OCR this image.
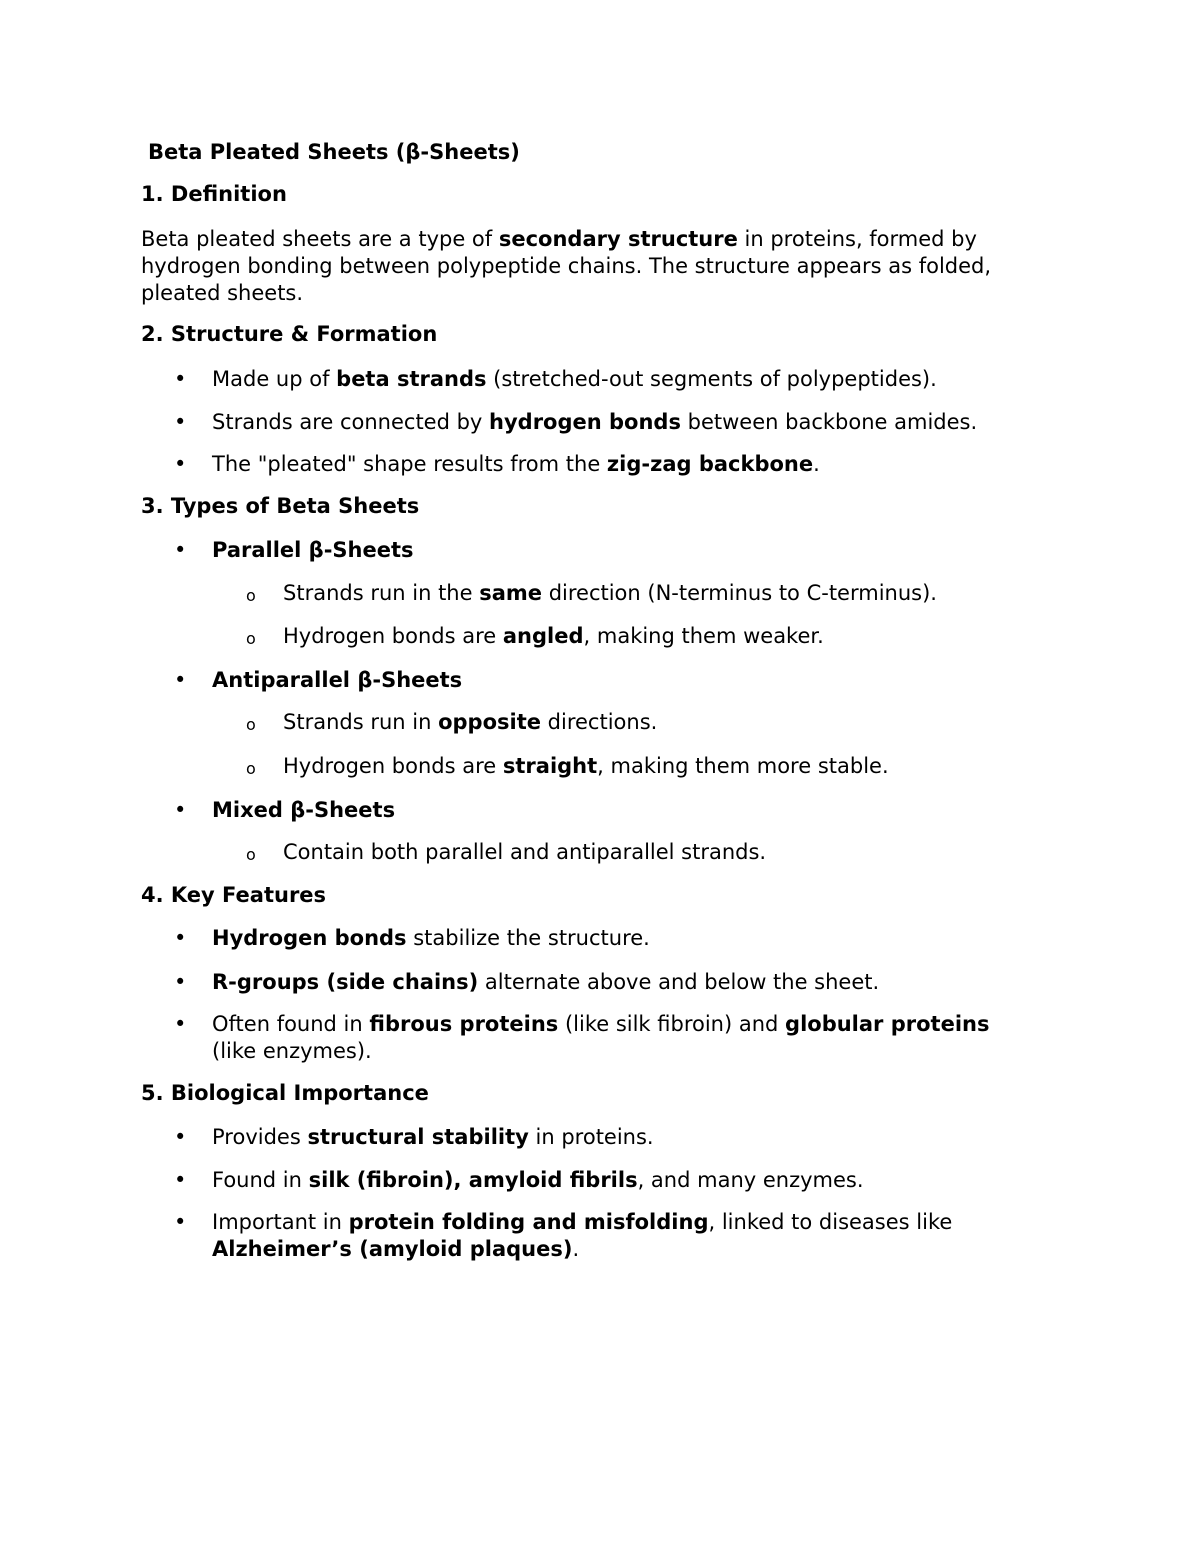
Beta Pleated Sheets (β-Sheets)
1. Definition

Beta pleated sheets are a type of secondary structure in proteins, formed by hydrogen bonding between polypeptide chains. The structure appears as folded, pleated sheets.

2. Structure & Formation

• Made up of beta strands (stretched-out segments of polypeptides).

• Strands are connected by hydrogen bonds between backbone amides.

• The "pleated" shape results from the zig-zag backbone.

3. Types of Beta Sheets

• Parallel β-Sheets

o Strands run in the same direction (N-terminus to C-terminus).

o Hydrogen bonds are angled, making them weaker.

• Antiparallel β-Sheets

o Strands run in opposite directions.

o Hydrogen bonds are straight, making them more stable.

• Mixed β-Sheets

o Contain both parallel and antiparallel strands.

4. Key Features

• Hydrogen bonds stabilize the structure.

• R-groups (side chains) alternate above and below the sheet.

• Often found in fibrous proteins (like silk fibroin) and globular proteins (like enzymes).

5. Biological Importance

• Provides structural stability in proteins.

• Found in silk (fibroin), amyloid fibrils, and many enzymes.

• Important in protein folding and misfolding, linked to diseases like Alzheimer’s (amyloid plaques).
